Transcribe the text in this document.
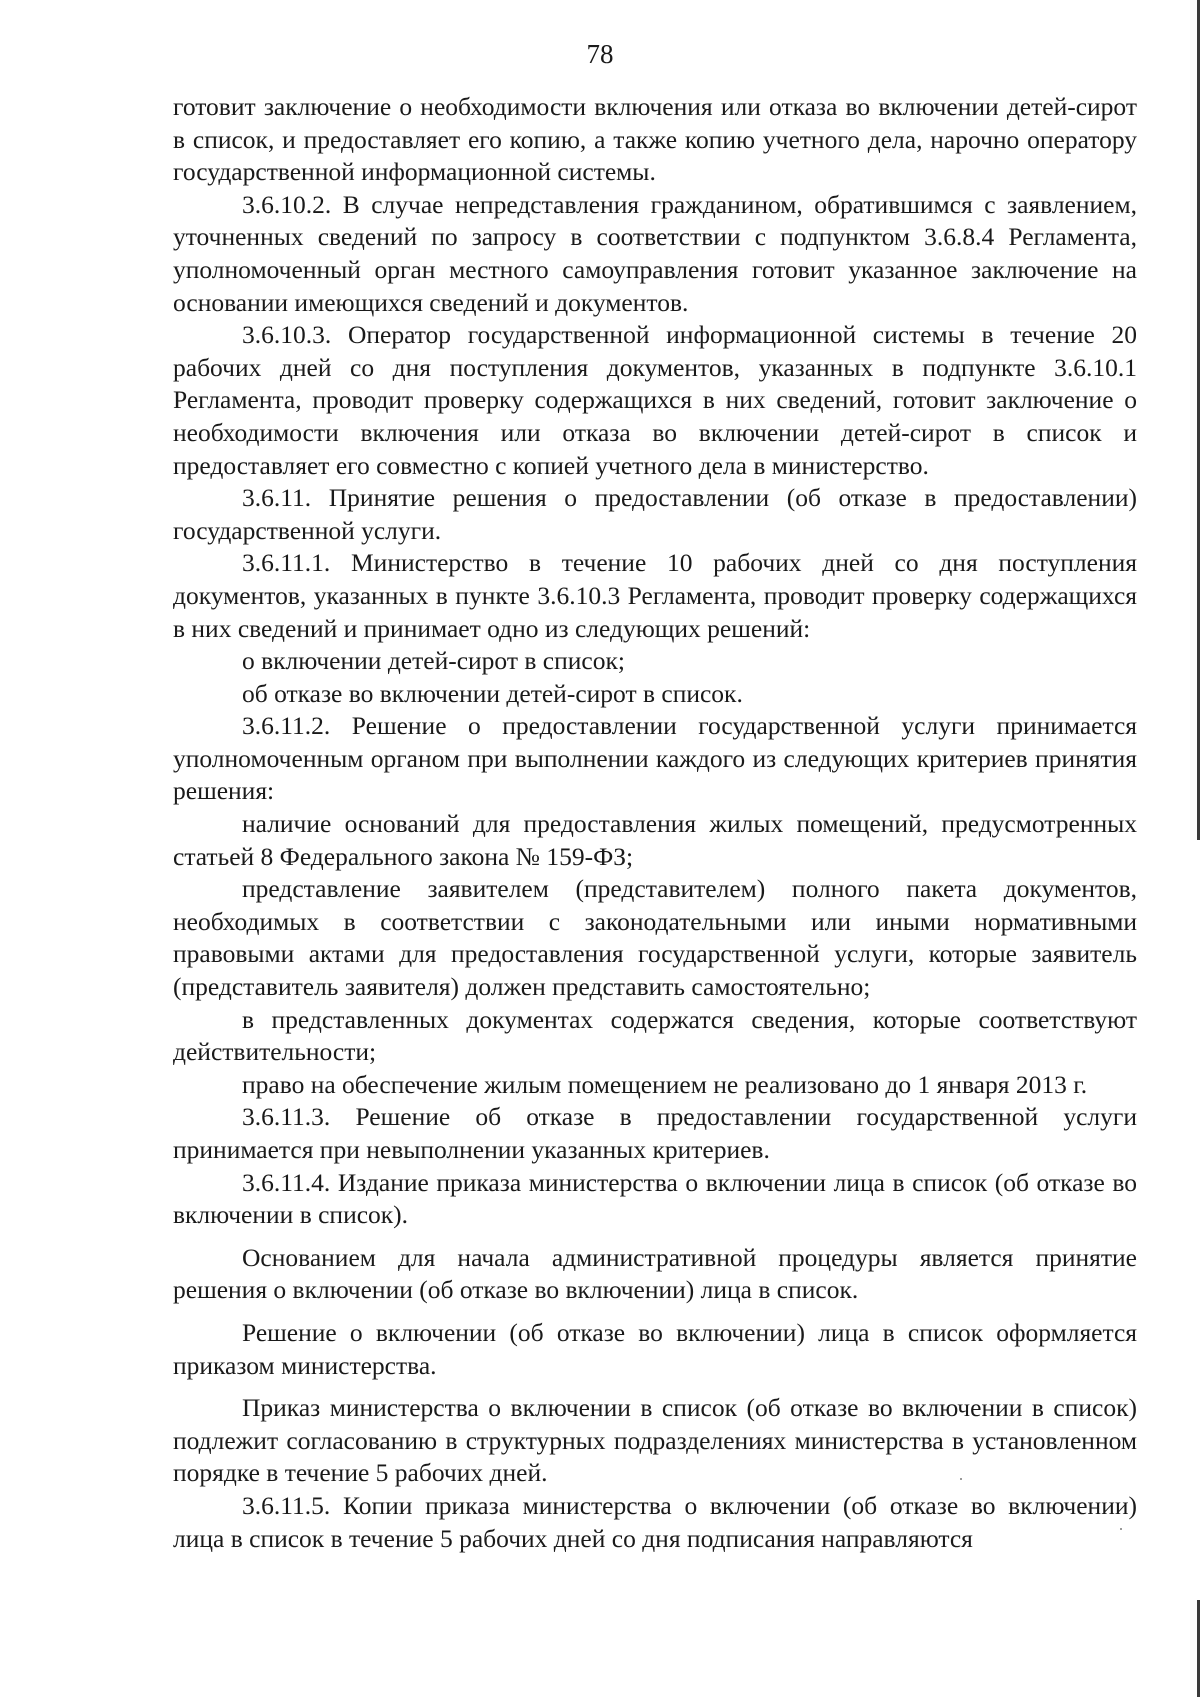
78

готовит заключение о необходимости включения или отказа во включении детей-сирот в список, и предоставляет его копию, а также копию учетного дела, нарочно оператору государственной информационной системы.

3.6.10.2. В случае непредставления гражданином, обратившимся с заявлением, уточненных сведений по запросу в соответствии с подпунктом 3.6.8.4 Регламента, уполномоченный орган местного самоуправления готовит указанное заключение на основании имеющихся сведений и документов.

3.6.10.3. Оператор государственной информационной системы в течение 20 рабочих дней со дня поступления документов, указанных в подпункте 3.6.10.1 Регламента, проводит проверку содержащихся в них сведений, готовит заключение о необходимости включения или отказа во включении детей-сирот в список и предоставляет его совместно с копией учетного дела в министерство.

3.6.11. Принятие решения о предоставлении (об отказе в предоставлении) государственной услуги.

3.6.11.1. Министерство в течение 10 рабочих дней со дня поступления документов, указанных в пункте 3.6.10.3 Регламента, проводит проверку содержащихся в них сведений и принимает одно из следующих решений:

о включении детей-сирот в список;

об отказе во включении детей-сирот в список.

3.6.11.2. Решение о предоставлении государственной услуги принимается уполномоченным органом при выполнении каждого из следующих критериев принятия решения:

наличие оснований для предоставления жилых помещений, предусмотренных статьей 8 Федерального закона № 159-ФЗ;

представление заявителем (представителем) полного пакета документов, необходимых в соответствии с законодательными или иными нормативными правовыми актами для предоставления государственной услуги, которые заявитель (представитель заявителя) должен представить самостоятельно;

в представленных документах содержатся сведения, которые соответствуют действительности;

право на обеспечение жилым помещением не реализовано до 1 января 2013 г.

3.6.11.3. Решение об отказе в предоставлении государственной услуги принимается при невыполнении указанных критериев.

3.6.11.4. Издание приказа министерства о включении лица в список (об отказе во включении в список).

Основанием для начала административной процедуры является принятие решения о включении (об отказе во включении) лица в список.

Решение о включении (об отказе во включении) лица в список оформляется приказом министерства.

Приказ министерства о включении в список (об отказе во включении в список) подлежит согласованию в структурных подразделениях министерства в установленном порядке в течение 5 рабочих дней.

3.6.11.5. Копии приказа министерства о включении (об отказе во включении) лица в список в течение 5 рабочих дней со дня подписания направляются
